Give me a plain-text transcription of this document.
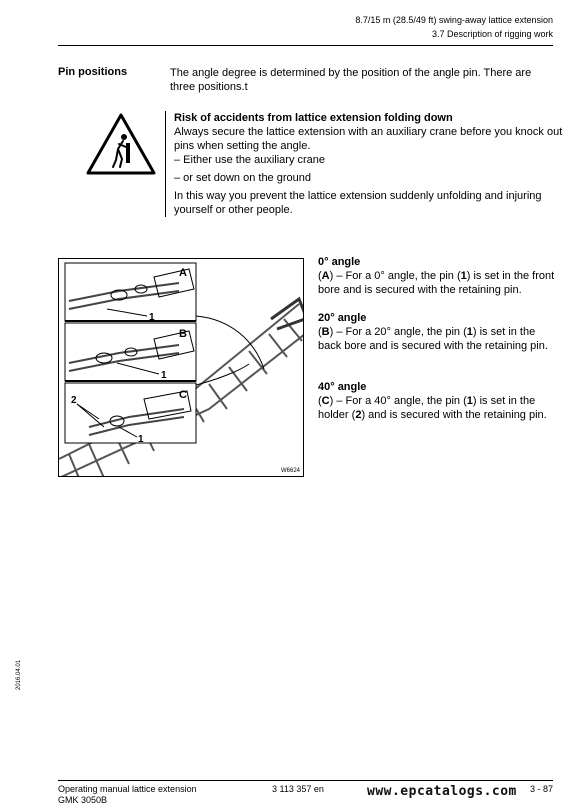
8.7/15 m (28.5/49 ft) swing-away lattice extension
3.7 Description of rigging work
Pin positions	The angle degree is determined by the position of the angle pin. There are three positions.t

Risk of accidents from lattice extension folding down

Always secure the lattice extension with an auxiliary crane before you knock out pins when setting the angle.

– Either use the auxiliary crane

– or set down on the ground

In this way you prevent the lattice extension suddenly unfolding and injuring yourself or other people.

A
B
C
1
1
2
1
W6624

0° angle

(A) – For a 0° angle, the pin (1) is set in the front bore and is secured with the retaining pin.

20° angle

(B) – For a 20° angle, the pin (1) is set in the back bore and is secured with the retaining pin.

40° angle

(C) – For a 40° angle, the pin (1) is set in the holder (2) and is secured with the retaining pin.

2016.04.01
Operating manual lattice extension
GMK 3050B
3 113 357 en	www.epcatalogs.com 3 - 87
